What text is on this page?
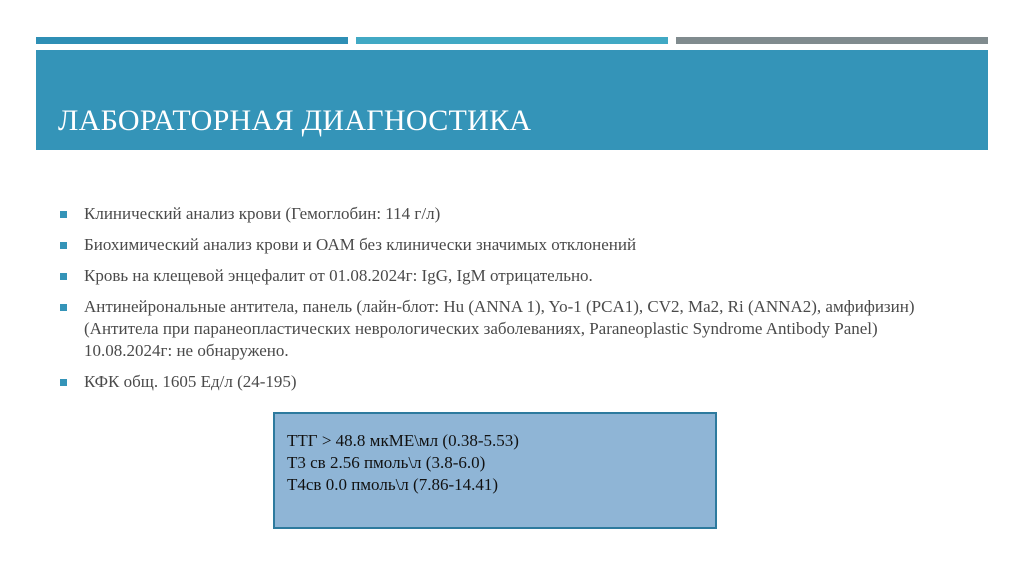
ЛАБОРАТОРНАЯ ДИАГНОСТИКА
Клинический анализ крови (Гемоглобин: 114 г/л)
Биохимический анализ крови и ОАМ без клинически значимых отклонений
Кровь на клещевой энцефалит от 01.08.2024г: IgG, IgM отрицательно.
Антинейрональные антитела, панель (лайн-блот: Hu (ANNA 1), Yo-1 (PCA1), CV2, Ma2, Ri (ANNA2), амфифизин) (Антитела при паранеопластических неврологических заболеваниях, Paraneoplastic Syndrome Antibody Panel) 10.08.2024г: не обнаружено.
КФК общ. 1605 Ед/л (24-195)
ТТГ > 48.8 мкМЕ\мл (0.38-5.53)
Т3 св 2.56 пмоль\л (3.8-6.0)
Т4св 0.0 пмоль\л (7.86-14.41)
